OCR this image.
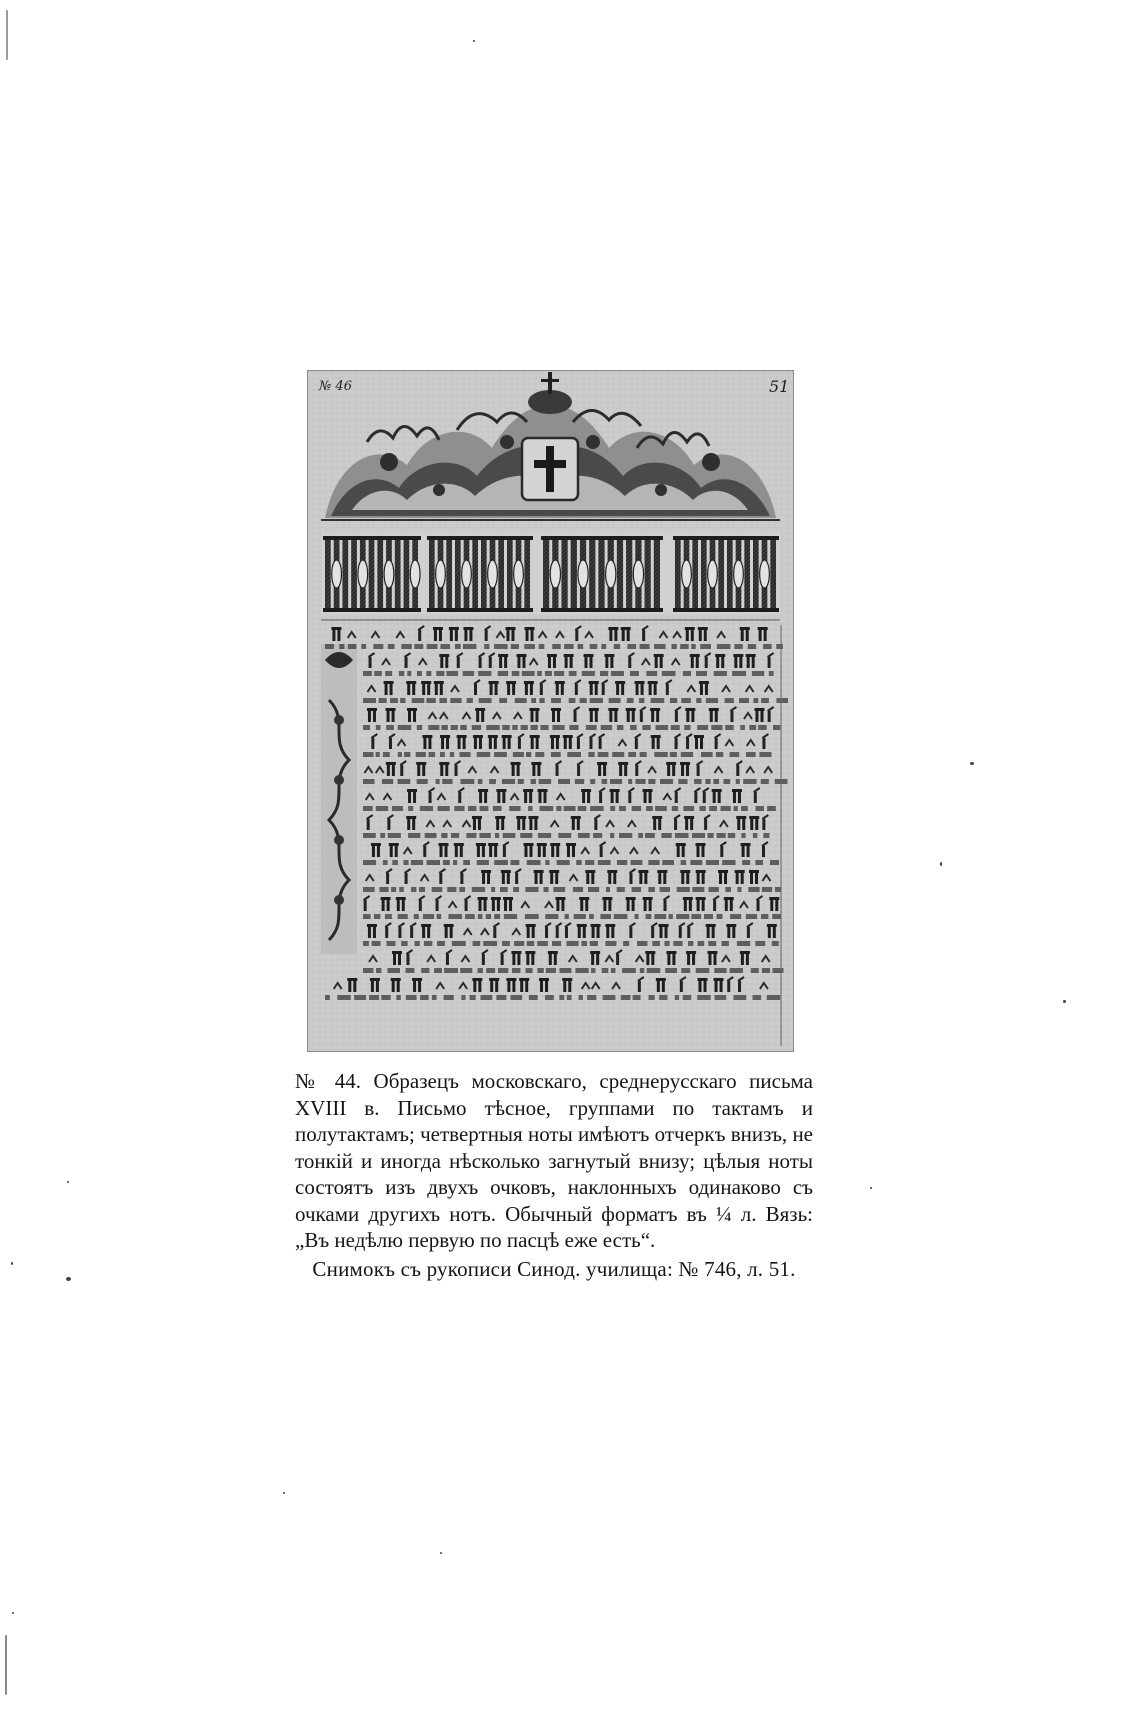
№ 46	51
№ 44. Образецъ московскаго, среднерусскаго письма XVIII в. Письмо тѣсное, группами по тактамъ и полутактамъ; четвертныя ноты имѣютъ отчеркъ внизъ, не тонкій и иногда нѣсколько загнутый внизу; цѣлыя ноты состоятъ изъ двухъ очковъ, наклонныхъ одинаково съ очками другихъ нотъ. Обычный форматъ въ ¼ л. Вязь: „Въ недѣлю первую по пасцѣ еже есть“.
Снимокъ съ рукописи Синод. училища: № 746, л. 51.
